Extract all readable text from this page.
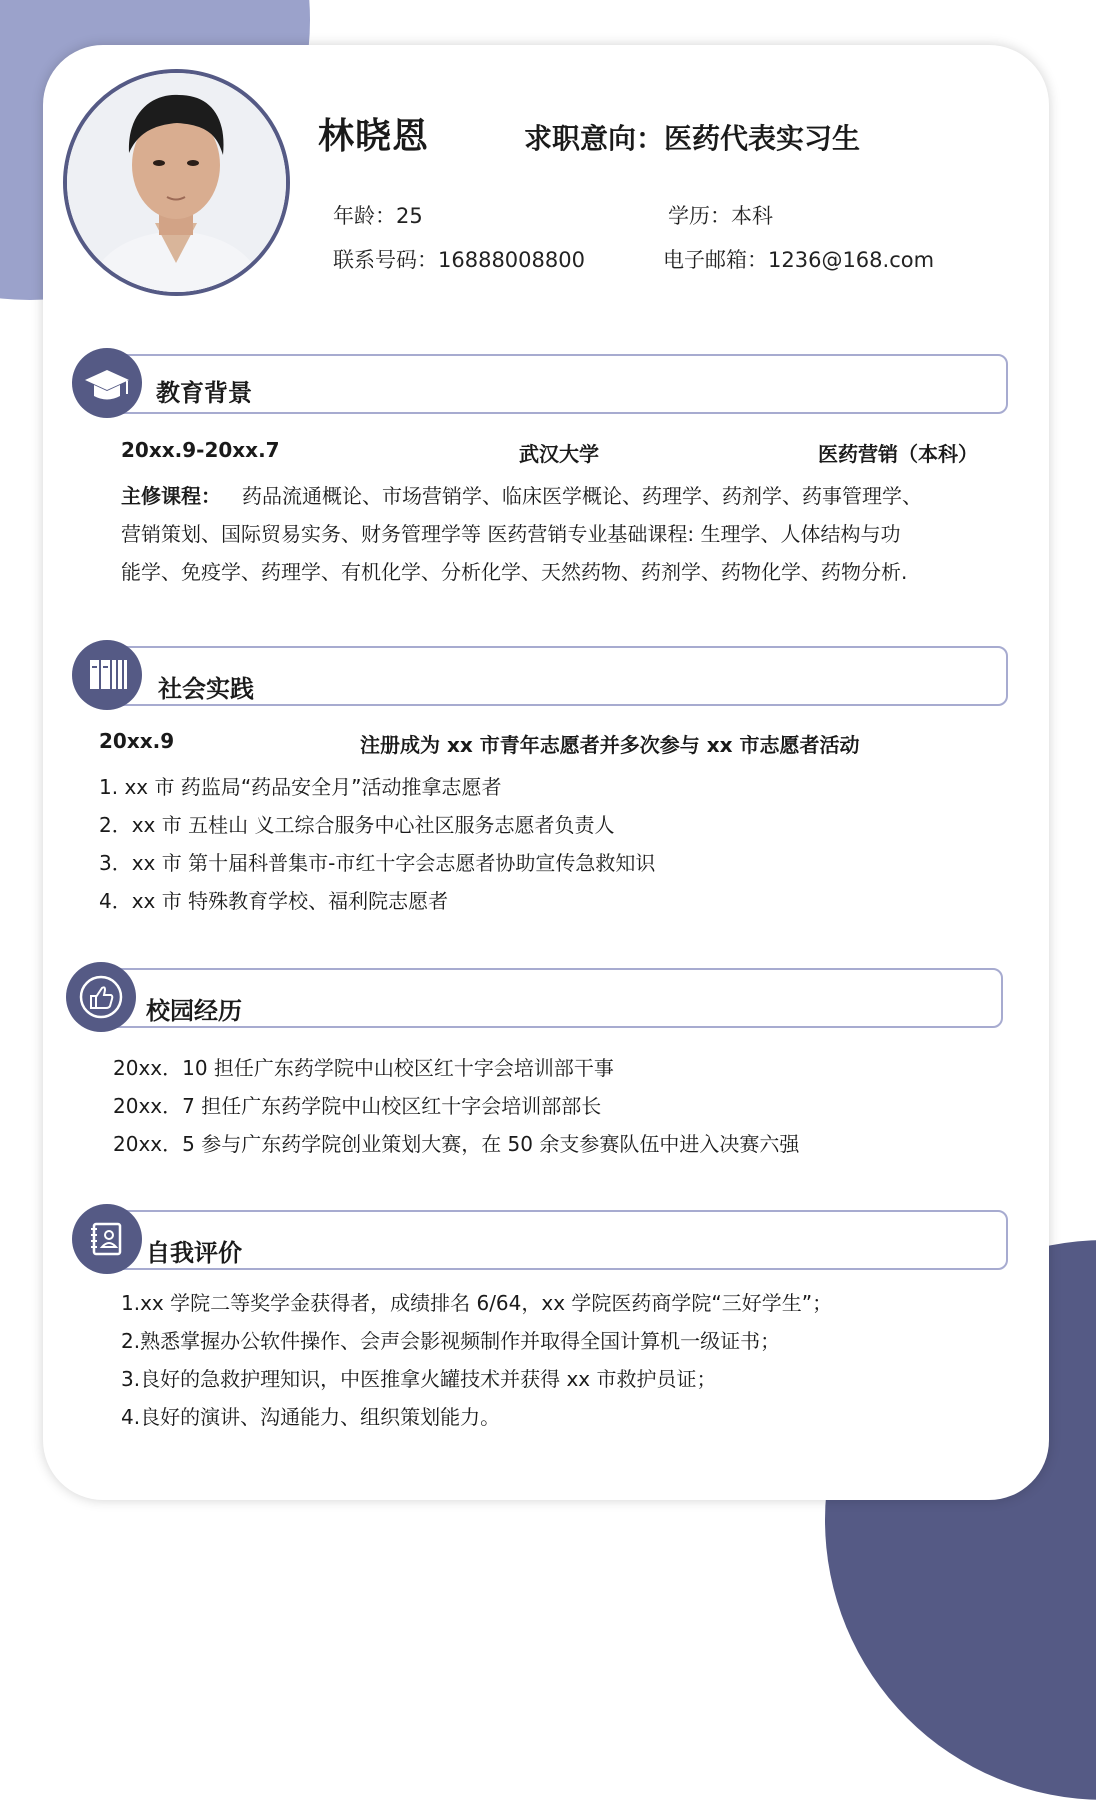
林晓恩	求职意向：医药代表实习生
年龄：25	学历：本科
联系号码：16888008800	电子邮箱：1236@168.com
教育背景
20xx.9-20xx.7	武汉大学	医药营销（本科）
主修课程： 药品流通概论、市场营销学、临床医学概论、药理学、药剂学、药事管理学、
营销策划、国际贸易实务、财务管理学等 医药营销专业基础课程: 生理学、人体结构与功
能学、免疫学、药理学、有机化学、分析化学、天然药物、药剂学、药物化学、药物分析.
社会实践
20xx.9	注册成为 xx 市青年志愿者并多次参与 xx 市志愿者活动
1. xx 市 药监局“药品安全月”活动推拿志愿者
2．xx 市 五桂山 义工综合服务中心社区服务志愿者负责人
3．xx 市 第十届科普集市-市红十字会志愿者协助宣传急救知识
4．xx 市 特殊教育学校、福利院志愿者
校园经历
20xx．10 担任广东药学院中山校区红十字会培训部干事
20xx．7 担任广东药学院中山校区红十字会培训部部长
20xx．5 参与广东药学院创业策划大赛，在 50 余支参赛队伍中进入决赛六强
自我评价
1.xx 学院二等奖学金获得者，成绩排名 6/64，xx 学院医药商学院“三好学生”；
2.熟悉掌握办公软件操作、会声会影视频制作并取得全国计算机一级证书；
3.良好的急救护理知识，中医推拿火罐技术并获得 xx 市救护员证；
4.良好的演讲、沟通能力、组织策划能力。
